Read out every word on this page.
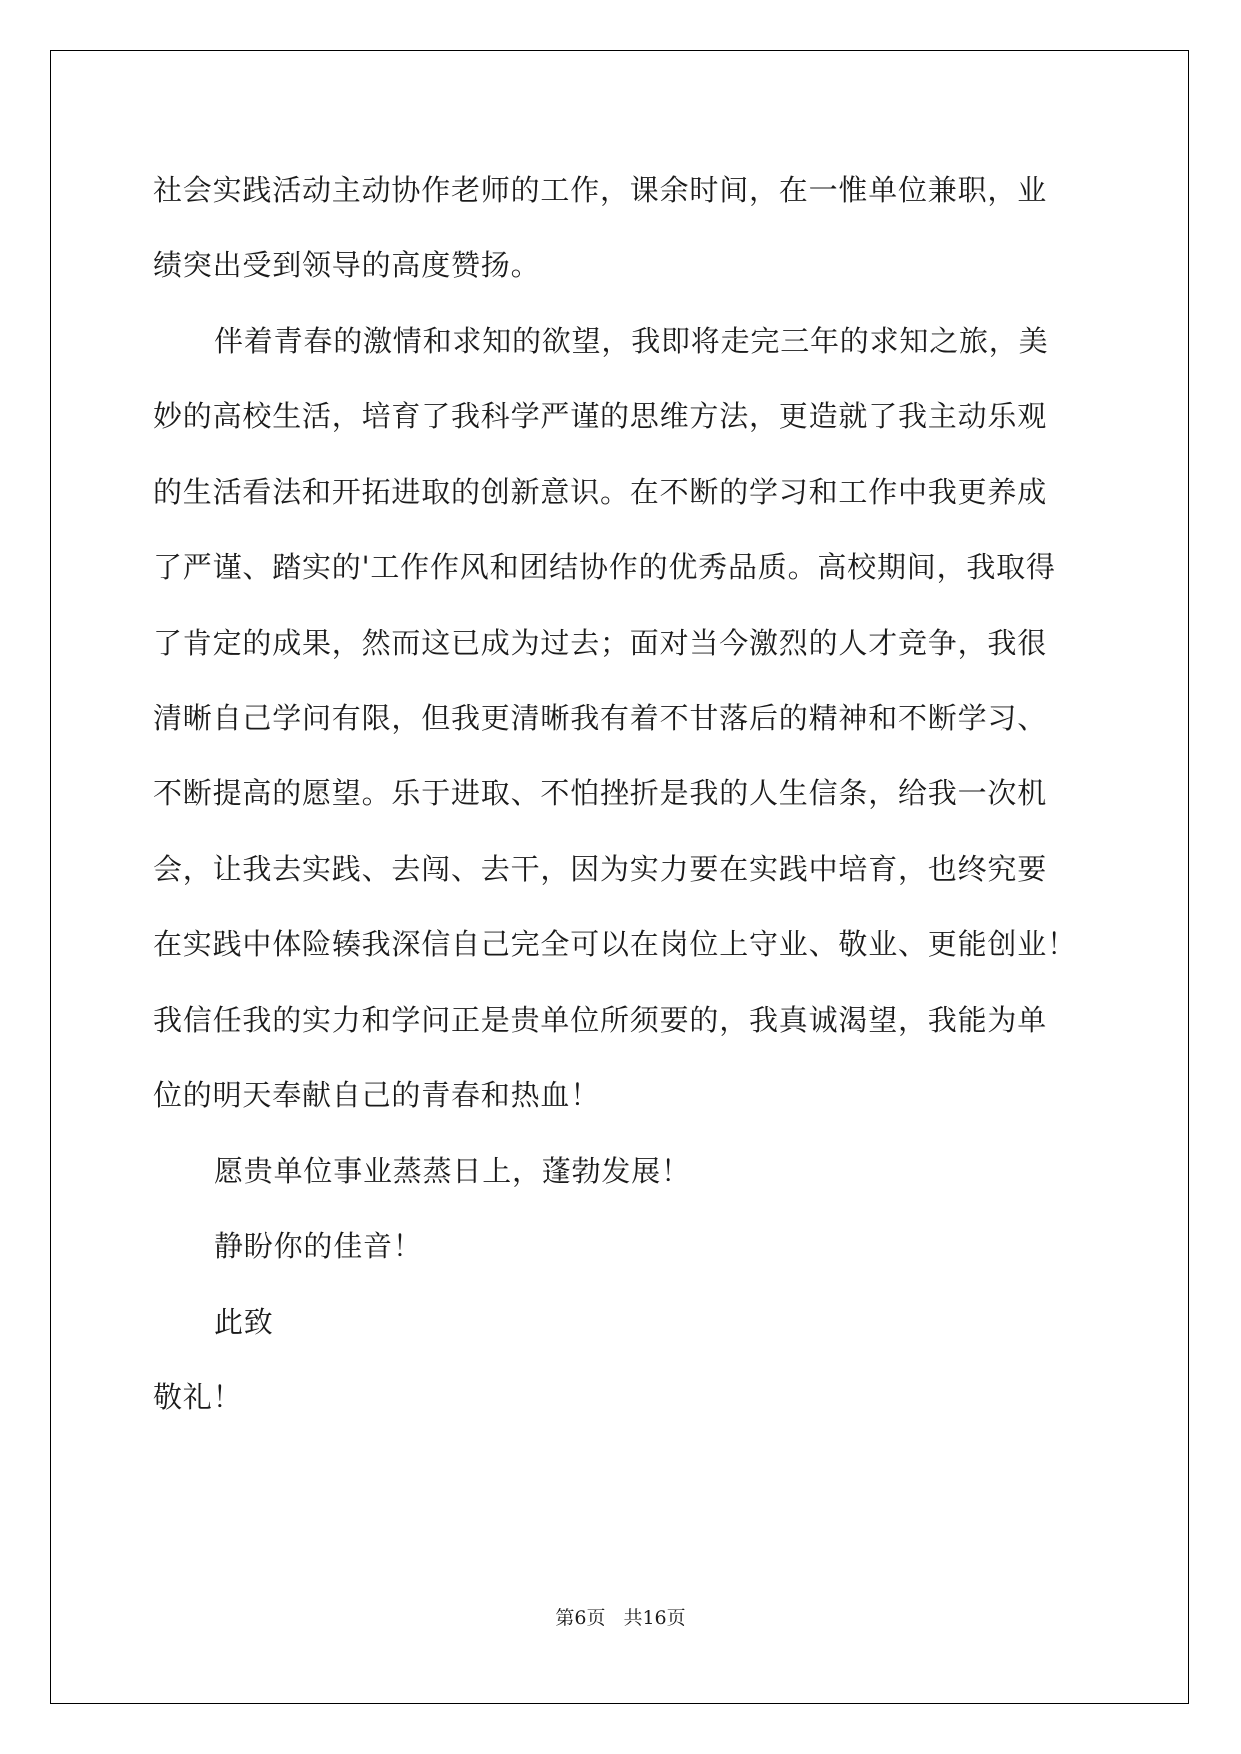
社会实践活动主动协作老师的工作，课余时间，在一惟单位兼职，业

绩突出受到领导的高度赞扬。

伴着青春的激情和求知的欲望，我即将走完三年的求知之旅，美

妙的高校生活，培育了我科学严谨的思维方法，更造就了我主动乐观

的生活看法和开拓进取的创新意识。在不断的学习和工作中我更养成

了严谨、踏实的'工作作风和团结协作的优秀品质。高校期间，我取得

了肯定的成果，然而这已成为过去；面对当今激烈的人才竞争，我很

清晰自己学问有限，但我更清晰我有着不甘落后的精神和不断学习、

不断提高的愿望。乐于进取、不怕挫折是我的人生信条，给我一次机

会，让我去实践、去闯、去干，因为实力要在实践中培育，也终究要

在实践中体险辏我深信自己完全可以在岗位上守业、敬业、更能创业！

我信任我的实力和学问正是贵单位所须要的，我真诚渴望，我能为单

位的明天奉献自己的青春和热血！

愿贵单位事业蒸蒸日上，蓬勃发展！

静盼你的佳音！

此致

敬礼！

第6页 共16页
